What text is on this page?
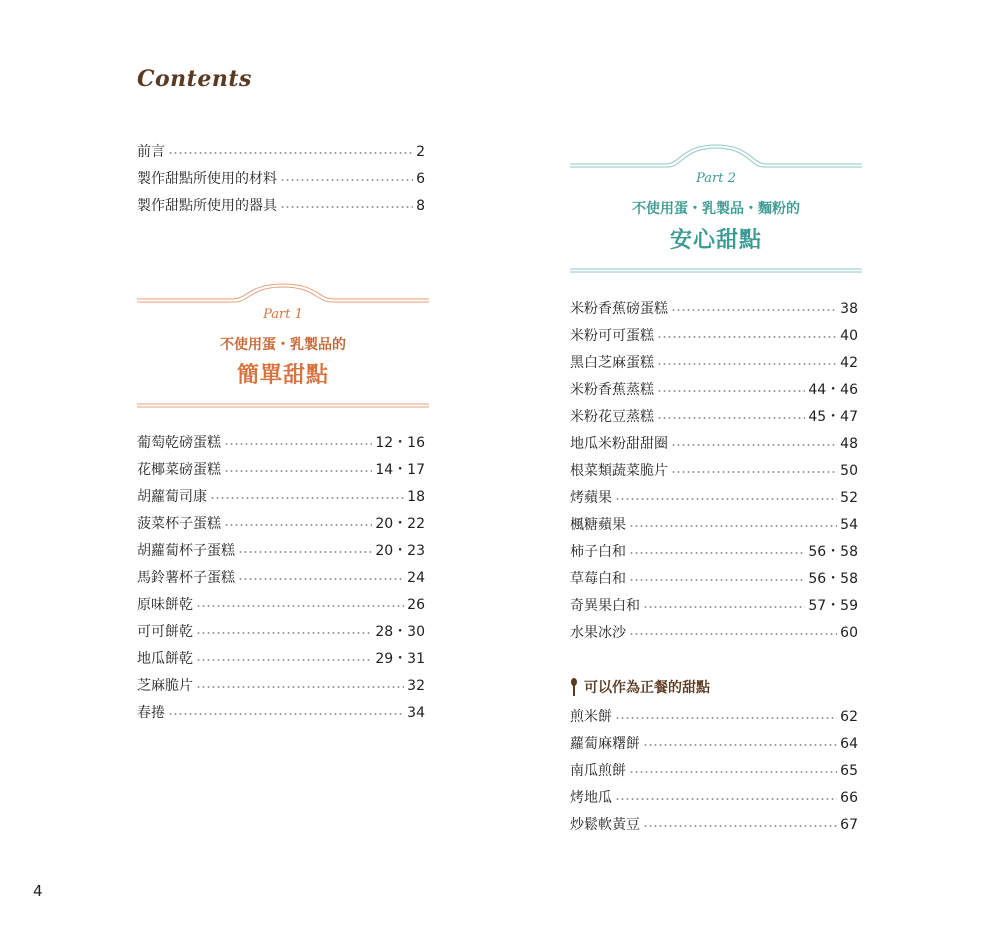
Contents
前言	2
製作甜點所使用的材料	6
製作甜點所使用的器具	8
Part 1
不使用蛋・乳製品的
簡單甜點
葡萄乾磅蛋糕	12・16
花椰菜磅蛋糕	14・17
胡蘿蔔司康	18
菠菜杯子蛋糕	20・22
胡蘿蔔杯子蛋糕	20・23
馬鈴薯杯子蛋糕	24
原味餅乾	26
可可餅乾	28・30
地瓜餅乾	29・31
芝麻脆片	32
春捲	34
Part 2
不使用蛋・乳製品・麵粉的
安心甜點
米粉香蕉磅蛋糕	38
米粉可可蛋糕	40
黑白芝麻蛋糕	42
米粉香蕉蒸糕	44・46
米粉花豆蒸糕	45・47
地瓜米粉甜甜圈	48
根菜類蔬菜脆片	50
烤蘋果	52
楓糖蘋果	54
柿子白和	56・58
草莓白和	56・58
奇異果白和	57・59
水果冰沙	60
可以作為正餐的甜點
煎米餅	62
蘿蔔麻糬餅	64
南瓜煎餅	65
烤地瓜	66
炒鬆軟黃豆	67
4
